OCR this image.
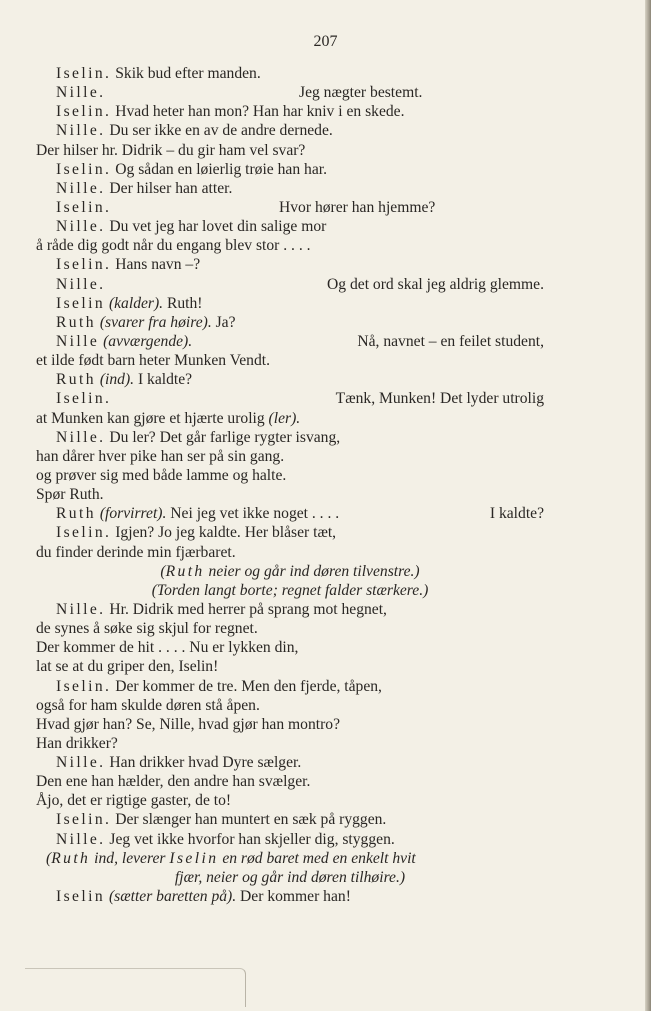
207
Iselin. Skik bud efter manden.
Nille.	Jeg nægter bestemt.
Iselin. Hvad heter han mon? Han har kniv i en skede.
Nille. Du ser ikke en av de andre dernede.
Der hilser hr. Didrik – du gir ham vel svar?
Iselin. Og sådan en løierlig trøie han har.
Nille. Der hilser han atter.
Iselin.	Hvor hører han hjemme?
Nille. Du vet jeg har lovet din salige mor
å råde dig godt når du engang blev stor . . . .
Iselin. Hans navn –?
Nille.	Og det ord skal jeg aldrig glemme.
Iselin (kalder). Ruth!
Ruth (svarer fra høire). Ja?
Nille (avværgende).	Nå, navnet – en feilet student,
et ilde født barn heter Munken Vendt.
Ruth (ind). I kaldte?
Iselin.	Tænk, Munken! Det lyder utrolig
at Munken kan gjøre et hjærte urolig (ler).
Nille. Du ler? Det går farlige rygter isvang,
han dårer hver pike han ser på sin gang.
og prøver sig med både lamme og halte.
Spør Ruth.
Ruth (forvirret). Nei jeg vet ikke noget . . . .	I kaldte?
Iselin. Igjen? Jo jeg kaldte. Her blåser tæt,
du finder derinde min fjærbaret.
(Ruth neier og går ind døren tilvenstre.)
(Torden langt borte; regnet falder stærkere.)
Nille. Hr. Didrik med herrer på sprang mot hegnet,
de synes å søke sig skjul for regnet.
Der kommer de hit . . . . Nu er lykken din,
lat se at du griper den, Iselin!
Iselin. Der kommer de tre. Men den fjerde, tåpen,
også for ham skulde døren stå åpen.
Hvad gjør han? Se, Nille, hvad gjør han montro?
Han drikker?
Nille. Han drikker hvad Dyre sælger.
Den ene han hælder, den andre han svælger.
Åjo, det er rigtige gaster, de to!
Iselin. Der slænger han muntert en sæk på ryggen.
Nille. Jeg vet ikke hvorfor han skjeller dig, styggen.
(Ruth ind, leverer Iselin en rød baret med en enkelt hvit
fjær, neier og går ind døren tilhøire.)
Iselin (sætter baretten på). Der kommer han!
